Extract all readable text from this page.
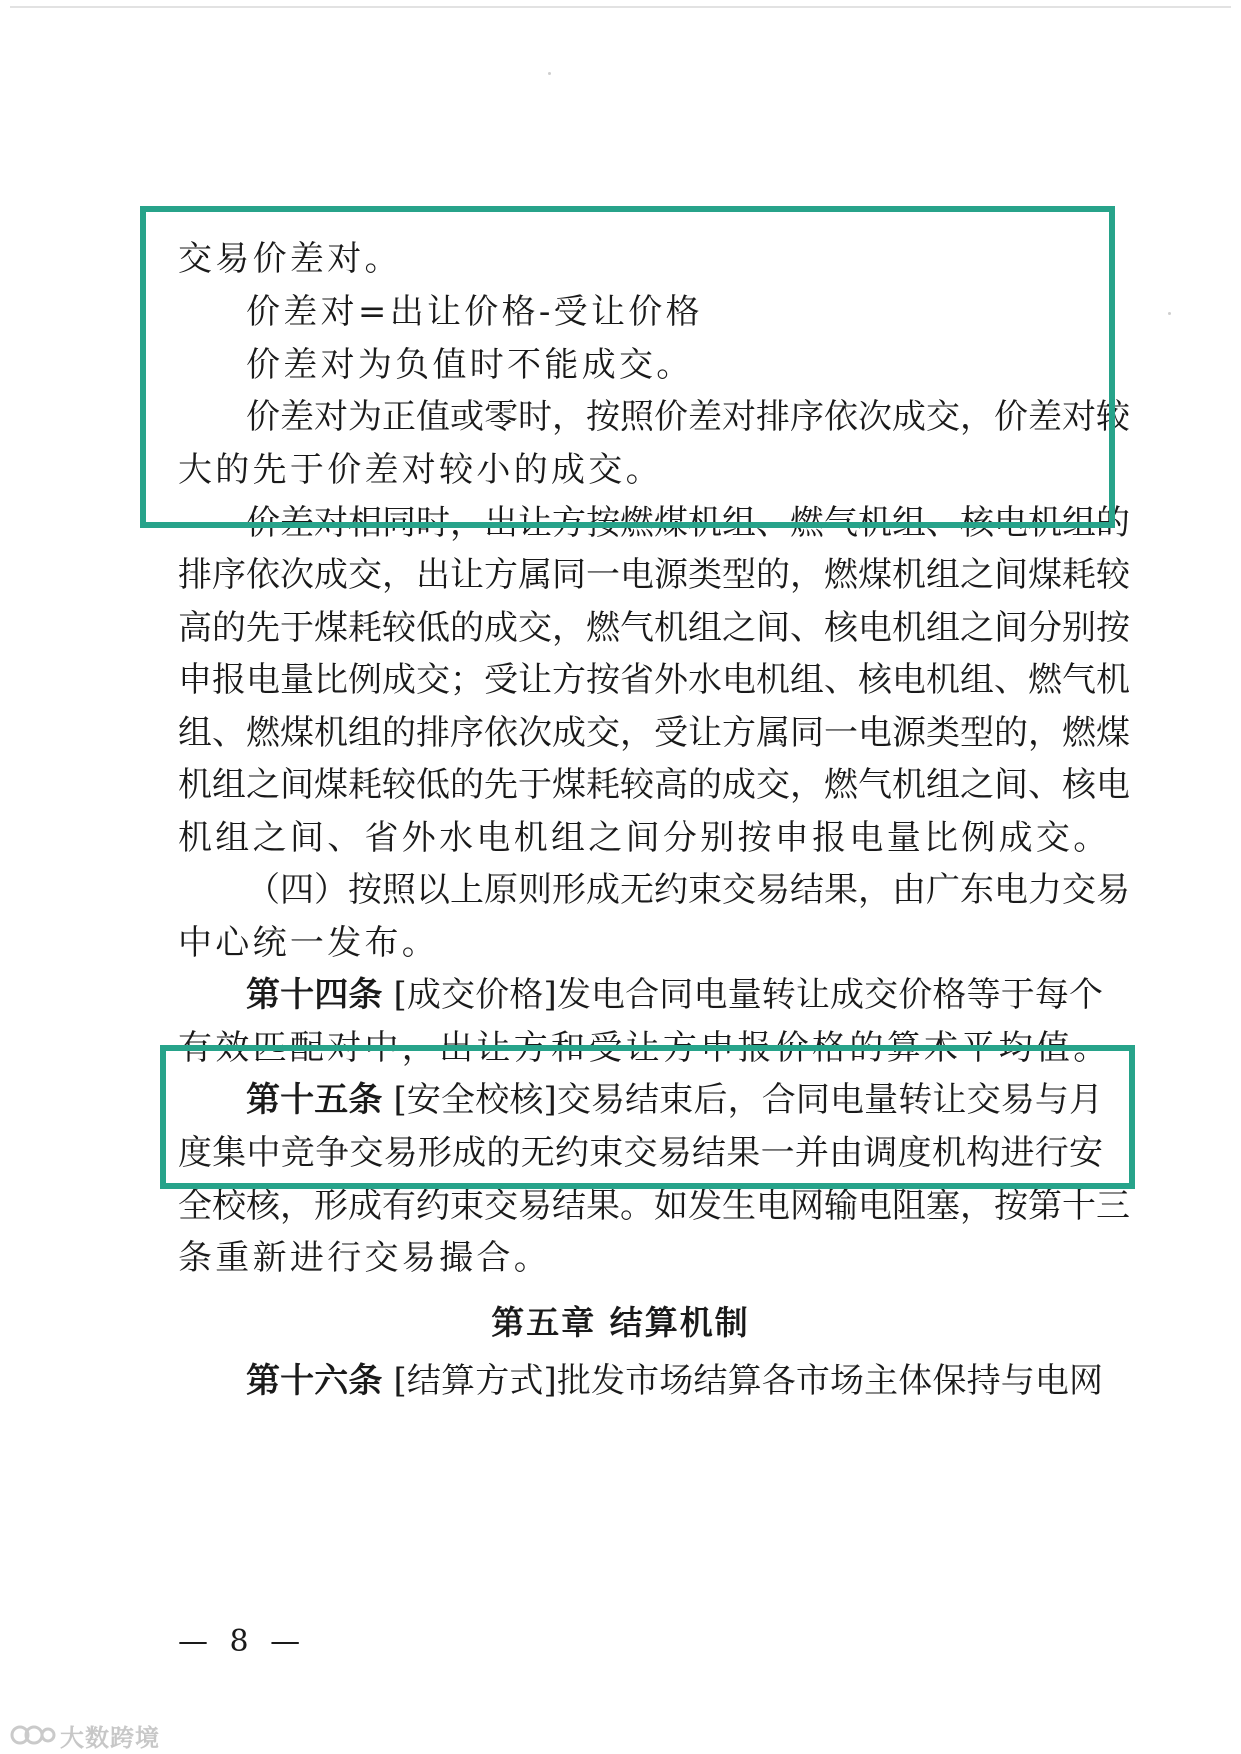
交易价差对。
价差对=出让价格-受让价格
价差对为负值时不能成交。
价差对为正值或零时，按照价差对排序依次成交，价差对较
大的先于价差对较小的成交。
价差对相同时，出让方按燃煤机组、燃气机组、核电机组的
排序依次成交，出让方属同一电源类型的，燃煤机组之间煤耗较
高的先于煤耗较低的成交，燃气机组之间、核电机组之间分别按
申报电量比例成交；受让方按省外水电机组、核电机组、燃气机
组、燃煤机组的排序依次成交，受让方属同一电源类型的，燃煤
机组之间煤耗较低的先于煤耗较高的成交，燃气机组之间、核电
机组之间、省外水电机组之间分别按申报电量比例成交。
（四）按照以上原则形成无约束交易结果，由广东电力交易
中心统一发布。
第十四条 [成交价格]发电合同电量转让成交价格等于每个
有效匹配对中，出让方和受让方申报价格的算术平均值。
第十五条 [安全校核]交易结束后，合同电量转让交易与月
度集中竞争交易形成的无约束交易结果一并由调度机构进行安
全校核，形成有约束交易结果。如发生电网输电阻塞，按第十三
条重新进行交易撮合。
第五章 结算机制
第十六条 [结算方式]批发市场结算各市场主体保持与电网
— 8 —
大数跨境
